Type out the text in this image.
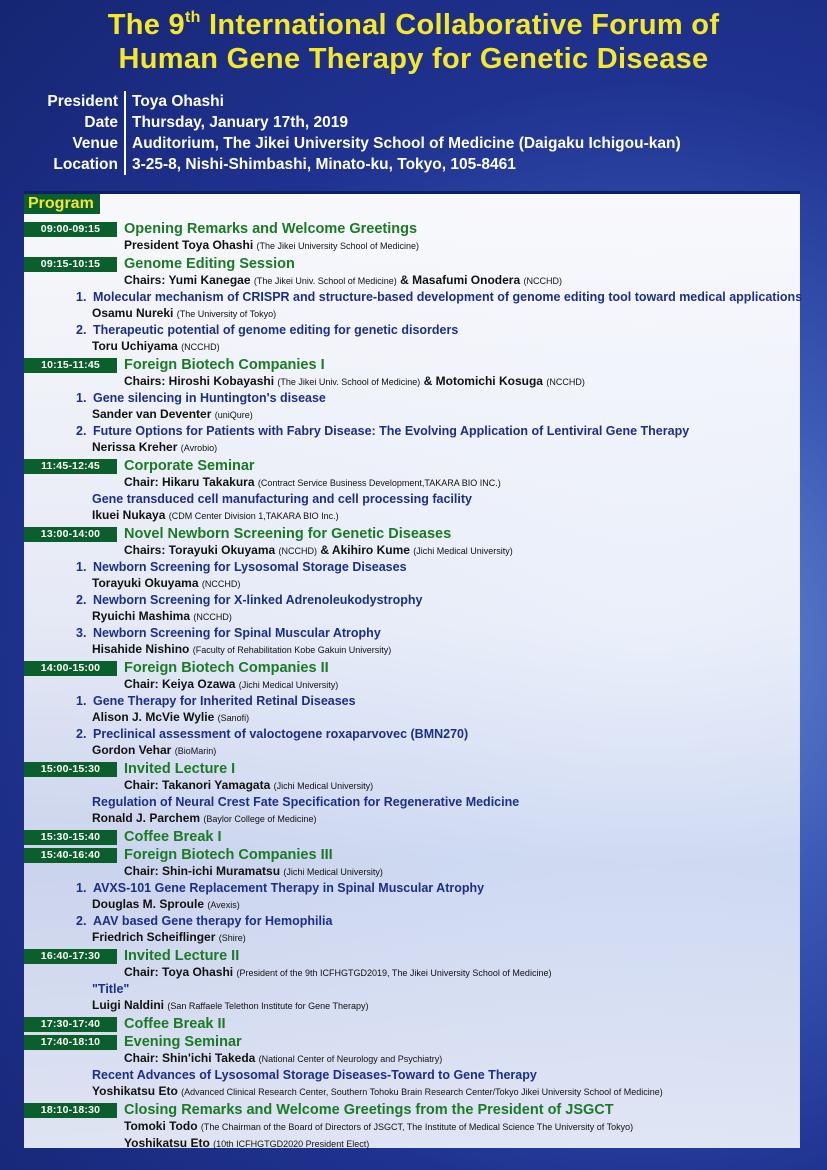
The 9th International Collaborative Forum of
Human Gene Therapy for Genetic Disease
President Toya Ohashi
Date Thursday, January 17th, 2019
Venue Auditorium, The Jikei University School of Medicine (Daigaku Ichigou-kan)
Location 3-25-8, Nishi-Shimbashi, Minato-ku, Tokyo, 105-8461
Program
09:00-09:15	Opening Remarks and Welcome Greetings
President Toya Ohashi (The Jikei University School of Medicine)
09:15-10:15	Genome Editing Session
Chairs: Yumi Kanegae (The Jikei Univ. School of Medicine) & Masafumi Onodera (NCCHD)
1. Molecular mechanism of CRISPR and structure-based development of genome editing tool toward medical applications
Osamu Nureki (The University of Tokyo)
2. Therapeutic potential of genome editing for genetic disorders
Toru Uchiyama (NCCHD)
10:15-11:45	Foreign Biotech Companies I
Chairs: Hiroshi Kobayashi (The Jikei Univ. School of Medicine) & Motomichi Kosuga (NCCHD)
1. Gene silencing in Huntington's disease
Sander van Deventer (uniQure)
2. Future Options for Patients with Fabry Disease: The Evolving Application of Lentiviral Gene Therapy
Nerissa Kreher (Avrobio)
11:45-12:45	Corporate Seminar
Chair: Hikaru Takakura (Contract Service Business Development,TAKARA BIO INC.)
Gene transduced cell manufacturing and cell processing facility
Ikuei Nukaya (CDM Center Division 1,TAKARA BIO Inc.)
13:00-14:00	Novel Newborn Screening for Genetic Diseases
Chairs: Torayuki Okuyama (NCCHD) & Akihiro Kume (Jichi Medical University)
1. Newborn Screening for Lysosomal Storage Diseases
Torayuki Okuyama (NCCHD)
2. Newborn Screening for X-linked Adrenoleukodystrophy
Ryuichi Mashima (NCCHD)
3. Newborn Screening for Spinal Muscular Atrophy
Hisahide Nishino (Faculty of Rehabilitation Kobe Gakuin University)
14:00-15:00	Foreign Biotech Companies II
Chair: Keiya Ozawa (Jichi Medical University)
1. Gene Therapy for Inherited Retinal Diseases
Alison J. McVie Wylie (Sanofi)
2. Preclinical assessment of valoctogene roxaparvovec (BMN270)
Gordon Vehar (BioMarin)
15:00-15:30	Invited Lecture I
Chair: Takanori Yamagata (Jichi Medical University)
Regulation of Neural Crest Fate Specification for Regenerative Medicine
Ronald J. Parchem (Baylor College of Medicine)
15:30-15:40	Coffee Break I
15:40-16:40	Foreign Biotech Companies III
Chair: Shin-ichi Muramatsu (Jichi Medical University)
1. AVXS-101 Gene Replacement Therapy in Spinal Muscular Atrophy
Douglas M. Sproule (Avexis)
2. AAV based Gene therapy for Hemophilia
Friedrich Scheiflinger (Shire)
16:40-17:30	Invited Lecture II
Chair: Toya Ohashi (President of the 9th ICFHGTGD2019, The Jikei University School of Medicine)
"Title"
Luigi Naldini (San Raffaele Telethon Institute for Gene Therapy)
17:30-17:40	Coffee Break II
17:40-18:10	Evening Seminar
Chair: Shin'ichi Takeda (National Center of Neurology and Psychiatry)
Recent Advances of Lysosomal Storage Diseases-Toward to Gene Therapy
Yoshikatsu Eto (Advanced Clinical Research Center, Southern Tohoku Brain Research Center/Tokyo Jikei University School of Medicine)
18:10-18:30	Closing Remarks and Welcome Greetings from the President of JSGCT
Tomoki Todo (The Chairman of the Board of Directors of JSGCT, The Institute of Medical Science The University of Tokyo)
Yoshikatsu Eto (10th ICFHGTGD2020 President Elect)
